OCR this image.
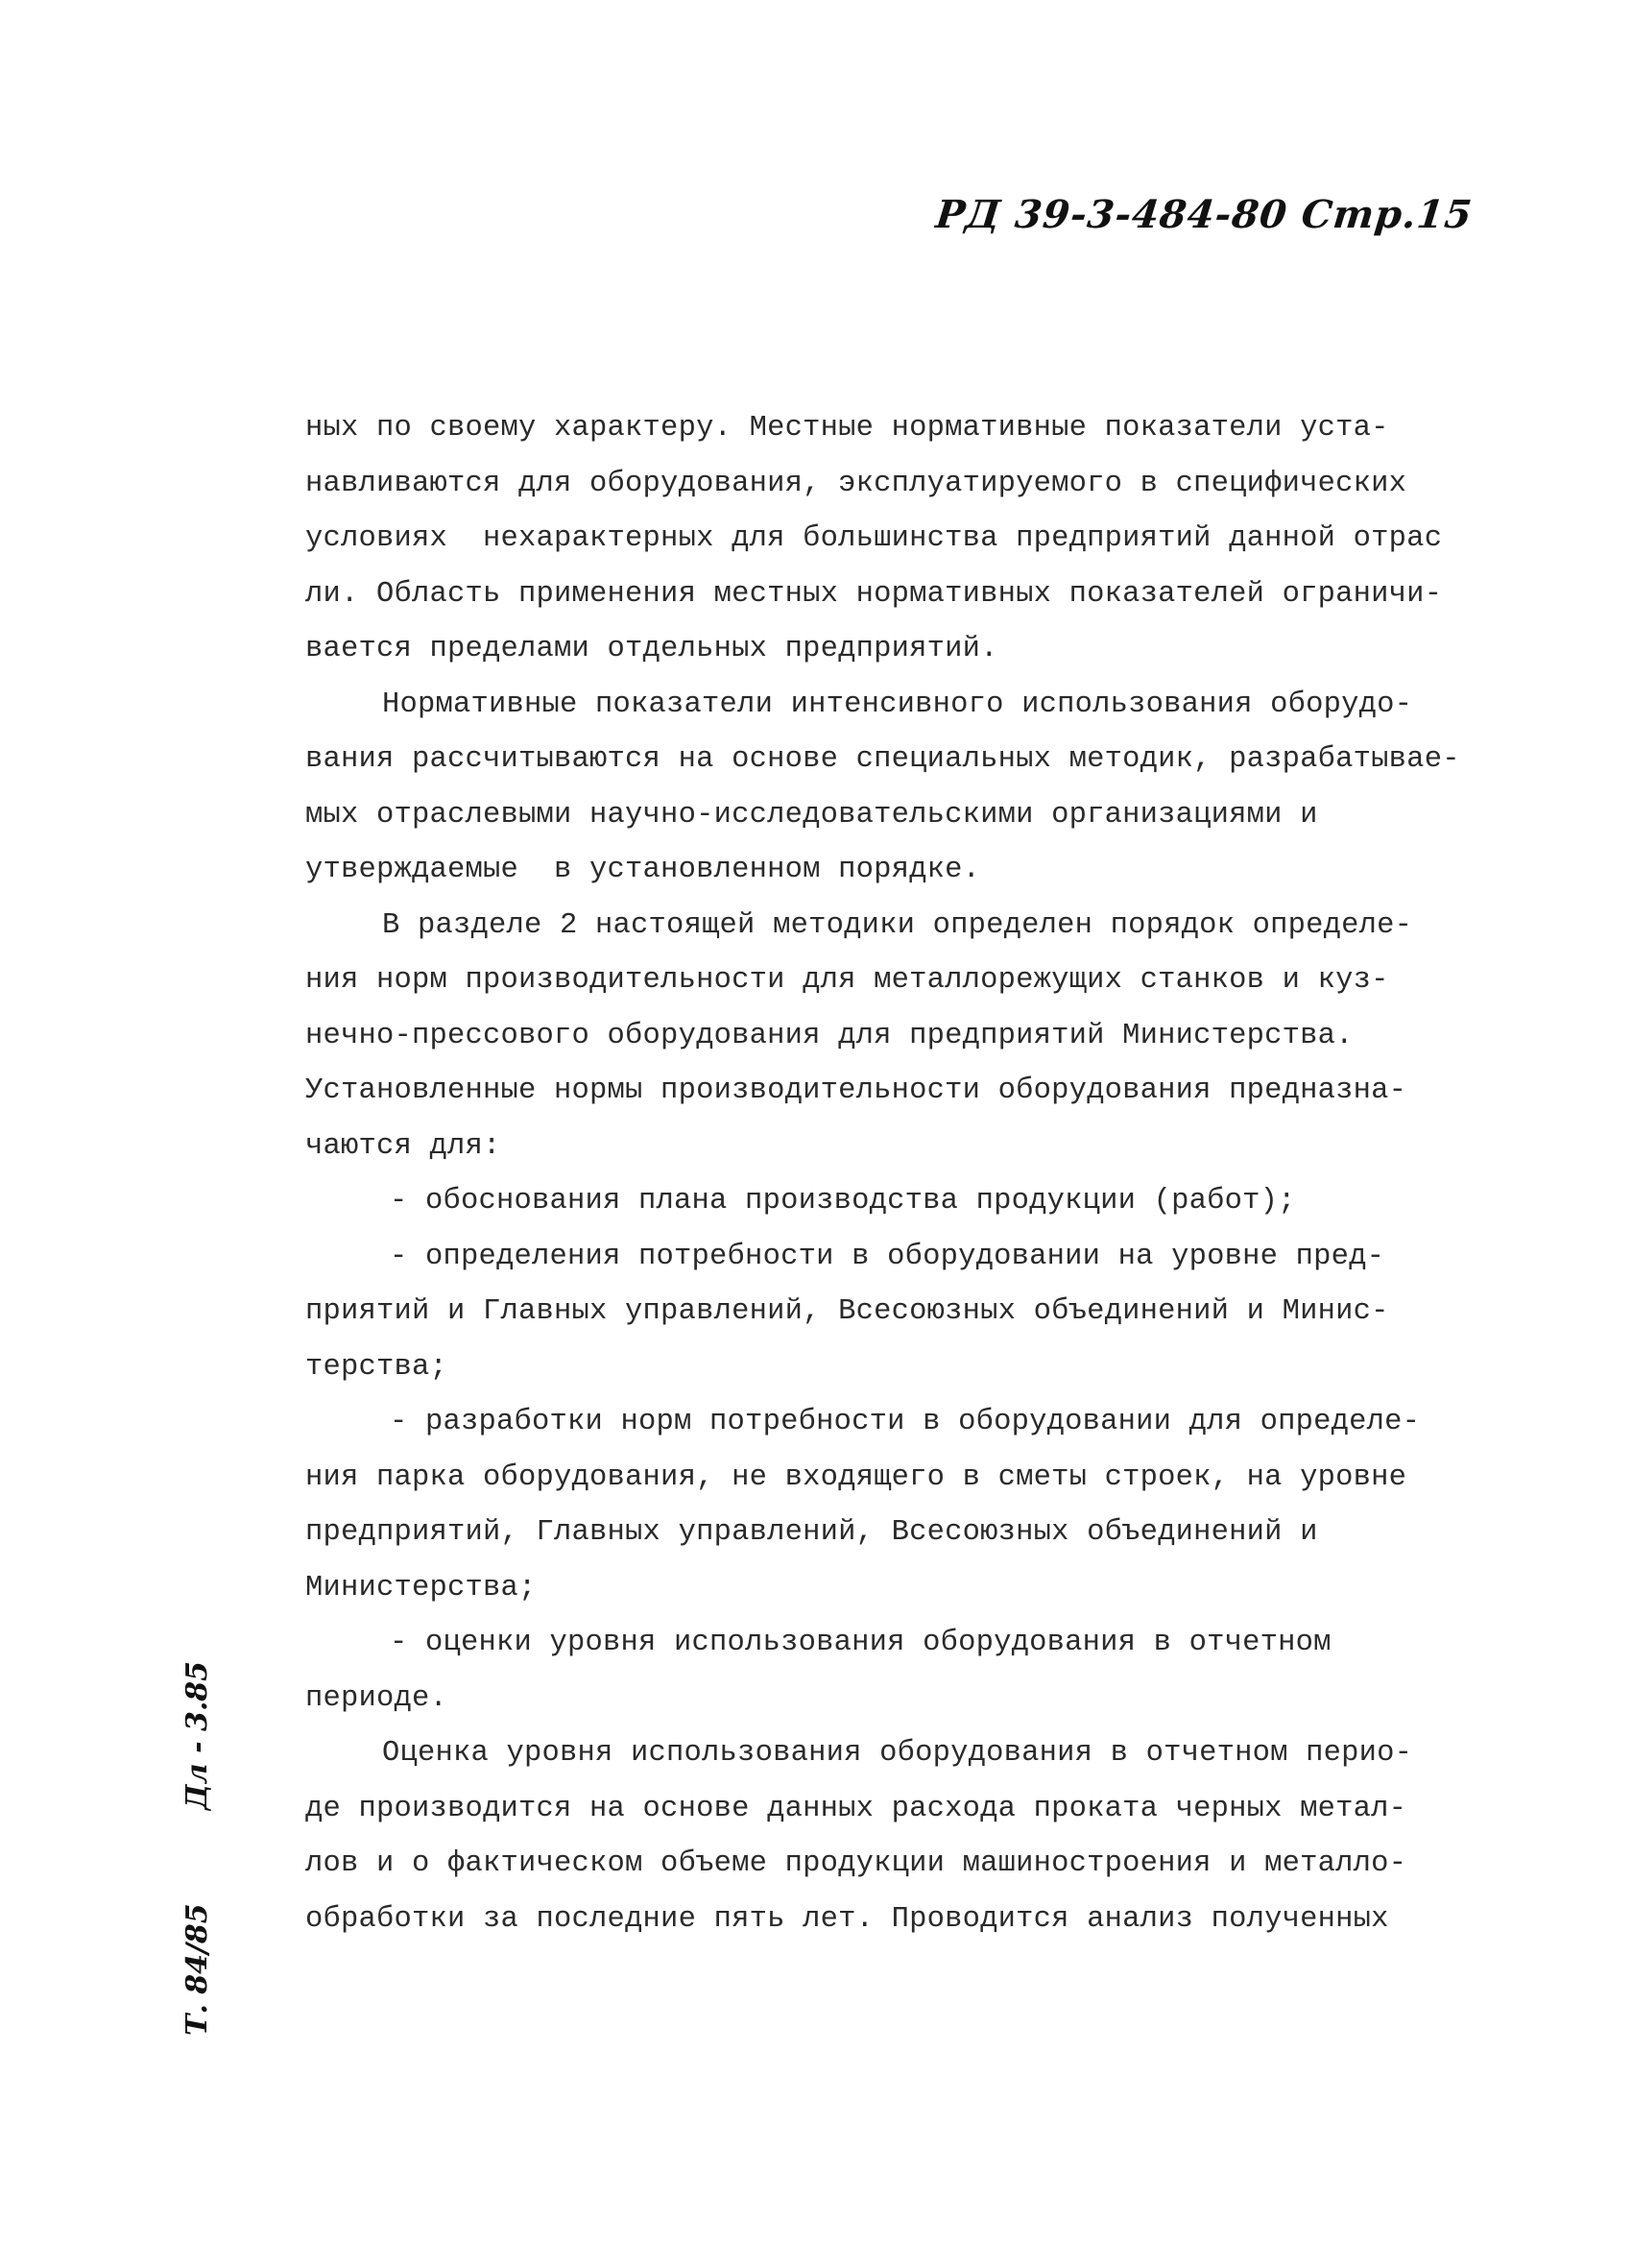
РД 39-3-484-80 Стр.15
ных по своему характеру. Местные нормативные показатели уста-
навливаются для оборудования, эксплуатируемого в специфических
условиях  нехарактерных для большинства предприятий данной отрас
ли. Область применения местных нормативных показателей ограничи-
вается пределами отдельных предприятий.
Нормативные показатели интенсивного использования оборудо-
вания рассчитываются на основе специальных методик, разрабатывае-
мых отраслевыми научно-исследовательскими организациями и
утверждаемые  в установленном порядке.
В разделе 2 настоящей методики определен порядок определе-
ния норм производительности для металлорежущих станков и куз-
нечно-прессового оборудования для предприятий Министерства.
Установленные нормы производительности оборудования предназна-
чаются для:
- обоснования плана производства продукции (работ);
- определения потребности в оборудовании на уровне пред-
приятий и Главных управлений, Всесоюзных объединений и Минис-
терства;
- разработки норм потребности в оборудовании для определе-
ния парка оборудования, не входящего в сметы строек, на уровне
предприятий, Главных управлений, Всесоюзных объединений и
Министерства;
- оценки уровня использования оборудования в отчетном
периоде.
Оценка уровня использования оборудования в отчетном перио-
де производится на основе данных расхода проката черных метал-
лов и о фактическом объеме продукции машиностроения и металло-
обработки за последние пять лет. Проводится анализ полученных
Дл - 3.85
Т. 84/85
